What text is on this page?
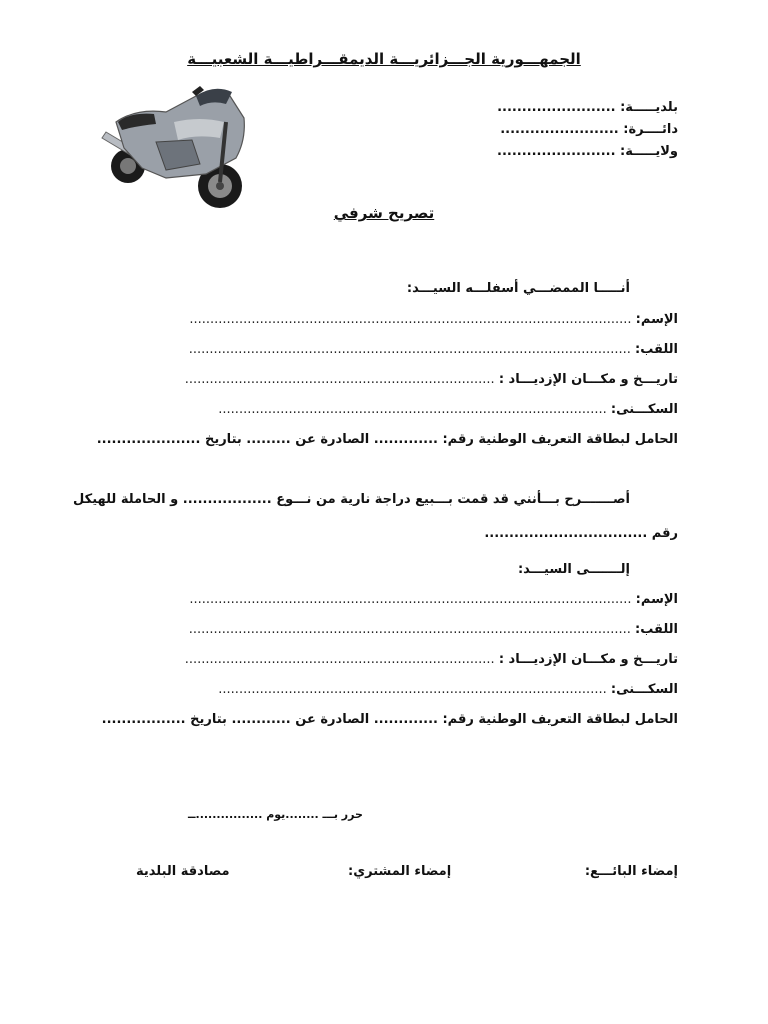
الجمهـــورية الجـــزائريـــة الديمقـــراطيـــة الشعبيـــة
بلديـــــة: ........................
دائــــرة: ........................
ولايـــــة: ........................
تصريح شرفي
أنـــــا الممضـــي أسفلـــه السيـــد:
الإسم: ...........................................................................................................
اللقب: ...........................................................................................................
تاريـــخ و مكـــان الإزديـــاد : ...........................................................................
السكـــنى: ..............................................................................................
الحامل لبطاقة التعريف الوطنية رقم: ............. الصادرة عن ......... بتاريخ .....................
أصـــــــرح بـــأنني قد قمت بـــبيع دراجة نارية من نـــوع .................. و الحاملة للهيكل
رقم .................................
إلـــــــى السيـــد:
الإسم: ...........................................................................................................
اللقب: ...........................................................................................................
تاريـــخ و مكـــان الإزديـــاد : ...........................................................................
السكـــنى: ..............................................................................................
الحامل لبطاقة التعريف الوطنية رقم: ............. الصادرة عن ............ بتاريخ .................
حرر بـــ ........يوم ................ــ
إمضاء البائـــع:
إمضاء المشتري:
مصادقة البلدية
